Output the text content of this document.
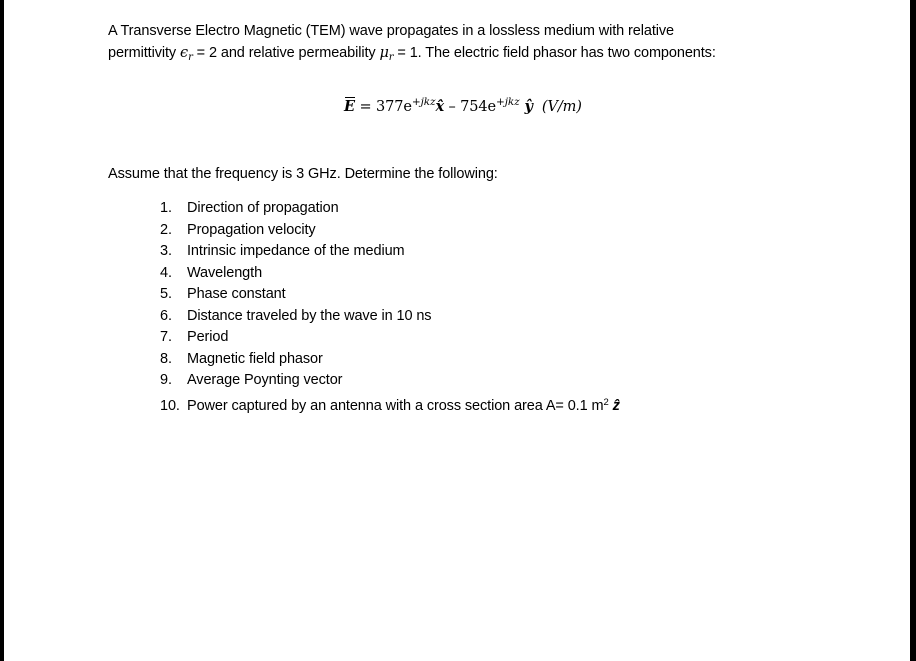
A Transverse Electro Magnetic (TEM) wave propagates in a lossless medium with relative

permittivity $\epsilon_r = 2$ and relative permeability $\mu_r = 1$. The electric field phasor has two components:

$E = 377e^{+jkz}x̂ - 754e^{+jkz}$ ŷ  (V/m)

Assume that the frequency is 3 GHz. Determine the following:

1. Direction of propagation
2. Propagation velocity
3. Intrinsic impedance of the medium
4. Wavelength
5. Phase constant
6. Distance traveled by the wave in 10 ns
7. Period
8. Magnetic field phasor
9. Average Poynting vector
10. Power captured by an antenna with a cross section area A= 0.1 $m^2$ ẑ
